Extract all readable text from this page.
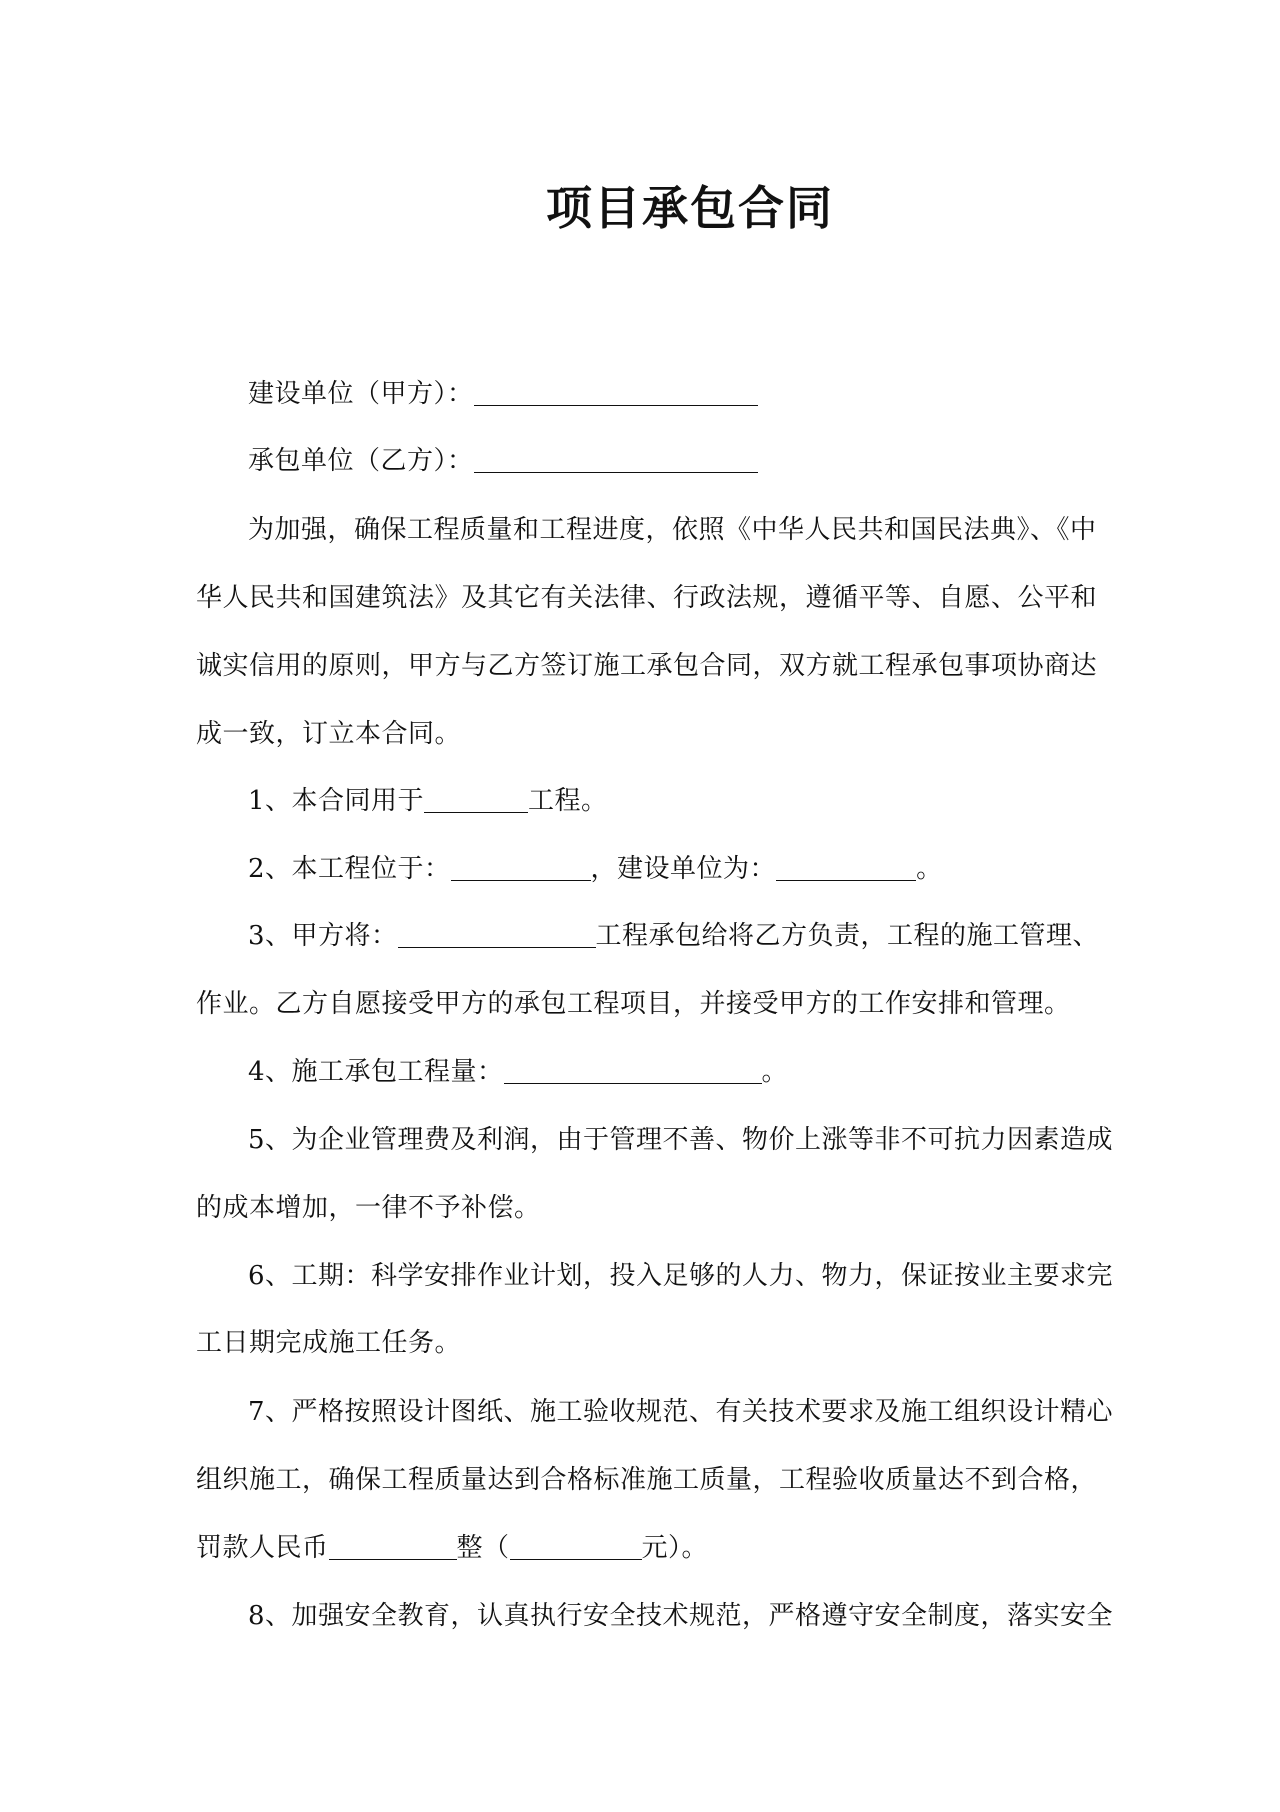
项目承包合同
建设单位（甲方）：
承包单位（乙方）：
为加强，确保工程质量和工程进度，依照《中华人民共和国民法典》、《中
华人民共和国建筑法》及其它有关法律、行政法规，遵循平等、自愿、公平和
诚实信用的原则，甲方与乙方签订施工承包合同，双方就工程承包事项协商达
成一致，订立本合同。
1、本合同用于	工程。
2、本工程位于：	，建设单位为：	。
3、甲方将：	工程承包给将乙方负责，工程的施工管理、
作业。乙方自愿接受甲方的承包工程项目，并接受甲方的工作安排和管理。
4、施工承包工程量：	。
5、为企业管理费及利润，由于管理不善、物价上涨等非不可抗力因素造成
的成本增加，一律不予补偿。
6、工期：科学安排作业计划，投入足够的人力、物力，保证按业主要求完
工日期完成施工任务。
7、严格按照设计图纸、施工验收规范、有关技术要求及施工组织设计精心
组织施工，确保工程质量达到合格标准施工质量，工程验收质量达不到合格，
罚款人民币	整（	元）。
8、加强安全教育，认真执行安全技术规范，严格遵守安全制度，落实安全
